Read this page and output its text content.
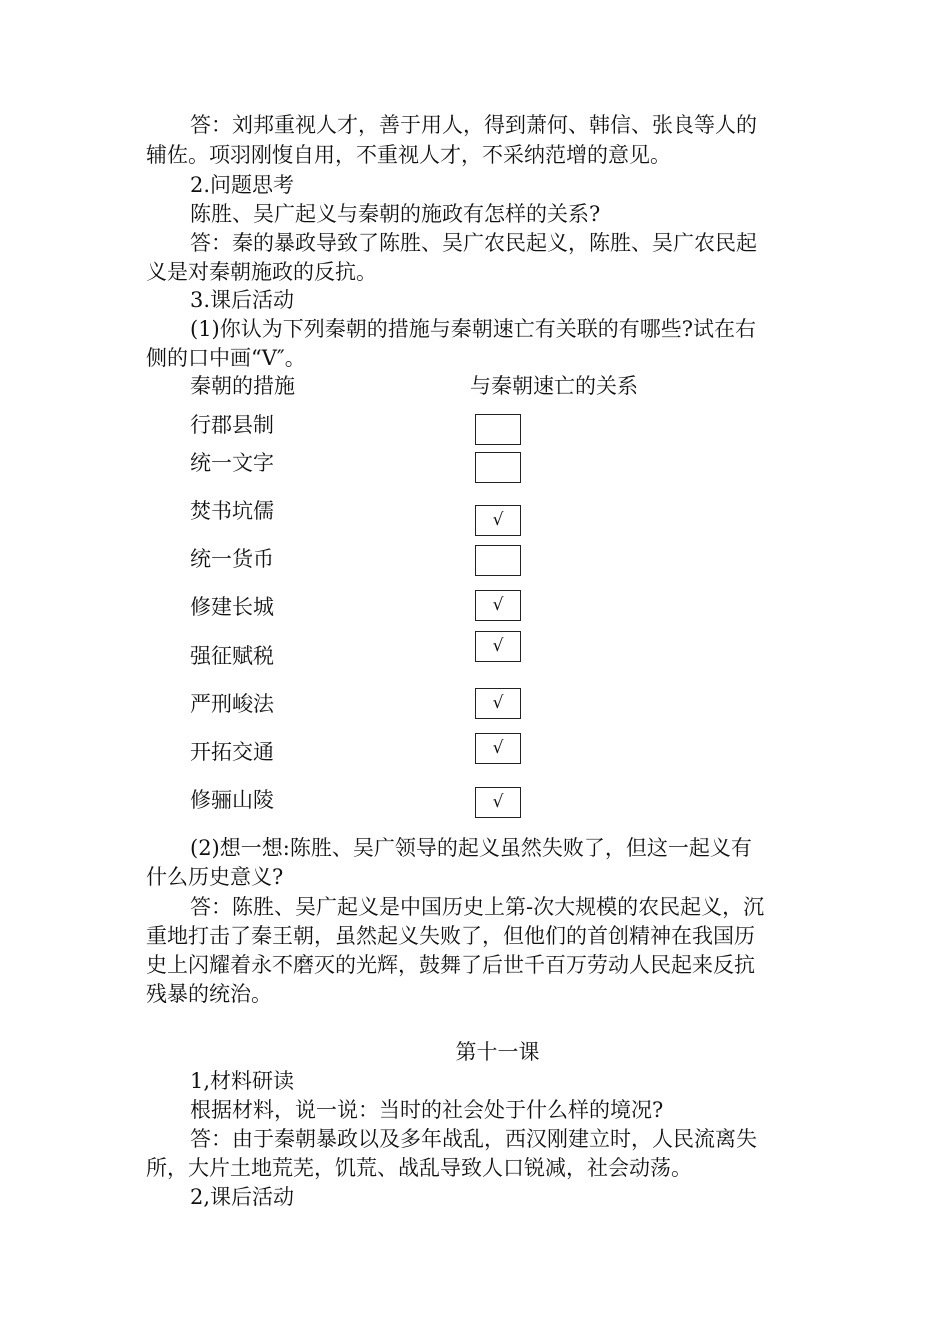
答：刘邦重视人才，善于用人，得到萧何、韩信、张良等人的
辅佐。项羽刚愎自用，不重视人才，不采纳范增的意见。
2.问题思考
陈胜、吴广起义与秦朝的施政有怎样的关系?
答：秦的暴政导致了陈胜、吴广农民起义，陈胜、吴广农民起
义是对秦朝施政的反抗。
3.课后活动
(1)你认为下列秦朝的措施与秦朝速亡有关联的有哪些?试在右
侧的口中画“V″。
秦朝的措施	与秦朝速亡的关系
行郡县制
统一文字
焚书坑儒	√
统一货币
修建长城	√
强征赋税	√
严刑峻法	√
开拓交通	√
修骊山陵	√
(2)想一想:陈胜、吴广领导的起义虽然失败了，但这一起义有
什么历史意义?
答：陈胜、吴广起义是中国历史上第-次大规模的农民起义，沉
重地打击了秦王朝，虽然起义失败了，但他们的首创精神在我国历
史上闪耀着永不磨灭的光辉，鼓舞了后世千百万劳动人民起来反抗
残暴的统治。
第十一课
1,材料研读
根据材料，说一说：当时的社会处于什么样的境况?
答：由于秦朝暴政以及多年战乱，西汉刚建立时，人民流离失
所，大片土地荒芜，饥荒、战乱导致人口锐减，社会动荡。
2,课后活动
